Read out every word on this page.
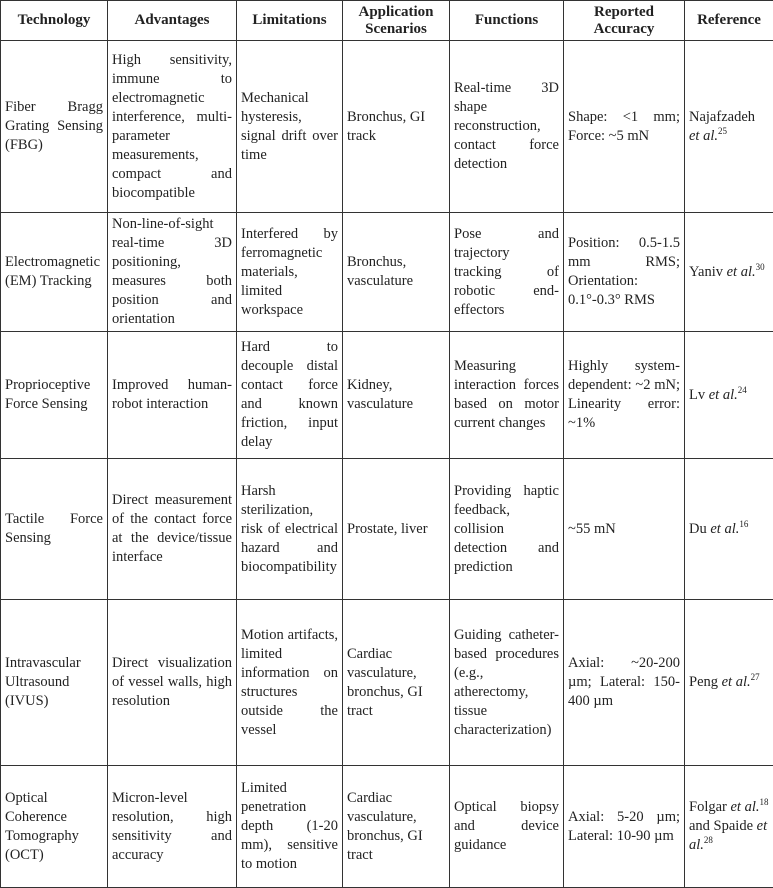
Technology	Advantages	Limitations	Application Scenarios	Functions	Reported Accuracy	Reference
Fiber Bragg Grating Sensing (FBG)	High sensitivity, immune to electromagnetic interference, multi-parameter measurements, compact and biocompatible	Mechanical hysteresis, signal drift over time	Bronchus, GI track	Real-time 3D shape reconstruction, contact force detection	Shape: <1 mm; Force: ~5 mN	Najafzadeh et al.$^{25}$
Electromagnetic (EM) Tracking	Non-line-of-sight real-time 3D positioning, measures both position and orientation	Interfered by ferromagnetic materials, limited workspace	Bronchus, vasculature	Pose and trajectory tracking of robotic end-effectors	Position: 0.5-1.5 mm RMS; Orientation: 0.1°-0.3° RMS	Yaniv et al.$^{30}$
Proprioceptive Force Sensing	Improved human-robot interaction	Hard to decouple distal contact force and known friction, input delay	Kidney, vasculature	Measuring interaction forces based on motor current changes	Highly system-dependent: ~2 mN; Linearity error: ~1%	Lv et al.$^{24}$
Tactile Force Sensing	Direct measurement of the contact force at the device/tissue interface	Harsh sterilization, risk of electrical hazard and biocompatibility	Prostate, liver	Providing haptic feedback, collision detection and prediction	~55 mN	Du et al.$^{16}$
Intravascular Ultrasound (IVUS)	Direct visualization of vessel walls, high resolution	Motion artifacts, limited information on structures outside the vessel	Cardiac vasculature, bronchus, GI tract	Guiding catheter-based procedures (e.g., atherectomy, tissue characterization)	Axial: ~20-200 µm; Lateral: 150-400 µm	Peng et al.$^{27}$
Optical Coherence Tomography (OCT)	Micron-level resolution, high sensitivity and accuracy	Limited penetration depth (1-20 mm), sensitive to motion	Cardiac vasculature, bronchus, GI tract	Optical biopsy and device guidance	Axial: 5-20 µm; Lateral: 10-90 µm	Folgar et al.$^{18}$ and Spaide et al.$^{28}$
